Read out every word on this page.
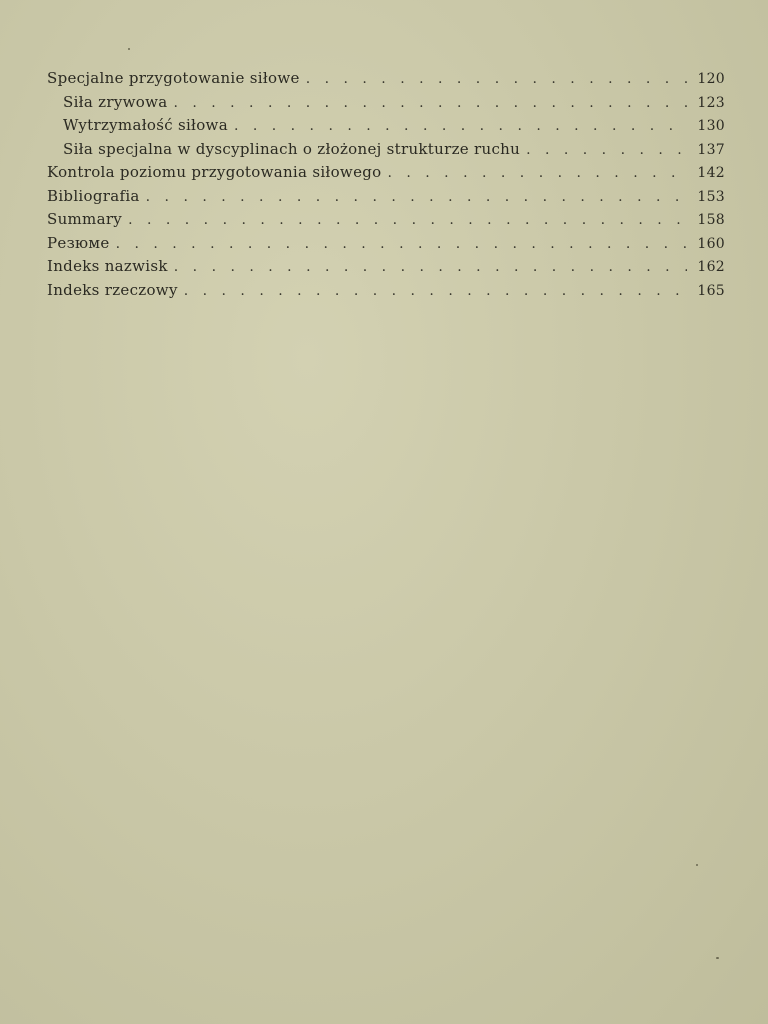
Specjalne przygotowanie siłowe . . .	120
Siła zrywowa . . .	123
Wytrzymałość siłowa . . .	130
Siła specjalna w dyscyplinach o złożonej strukturze ruchu . . .	137
Kontrola poziomu przygotowania siłowego . . .	142
Bibliografia . . .	153
Summary . . .	158
Резюме . . .	160
Indeks nazwisk . . .	162
Indeks rzeczowy . . .	165
